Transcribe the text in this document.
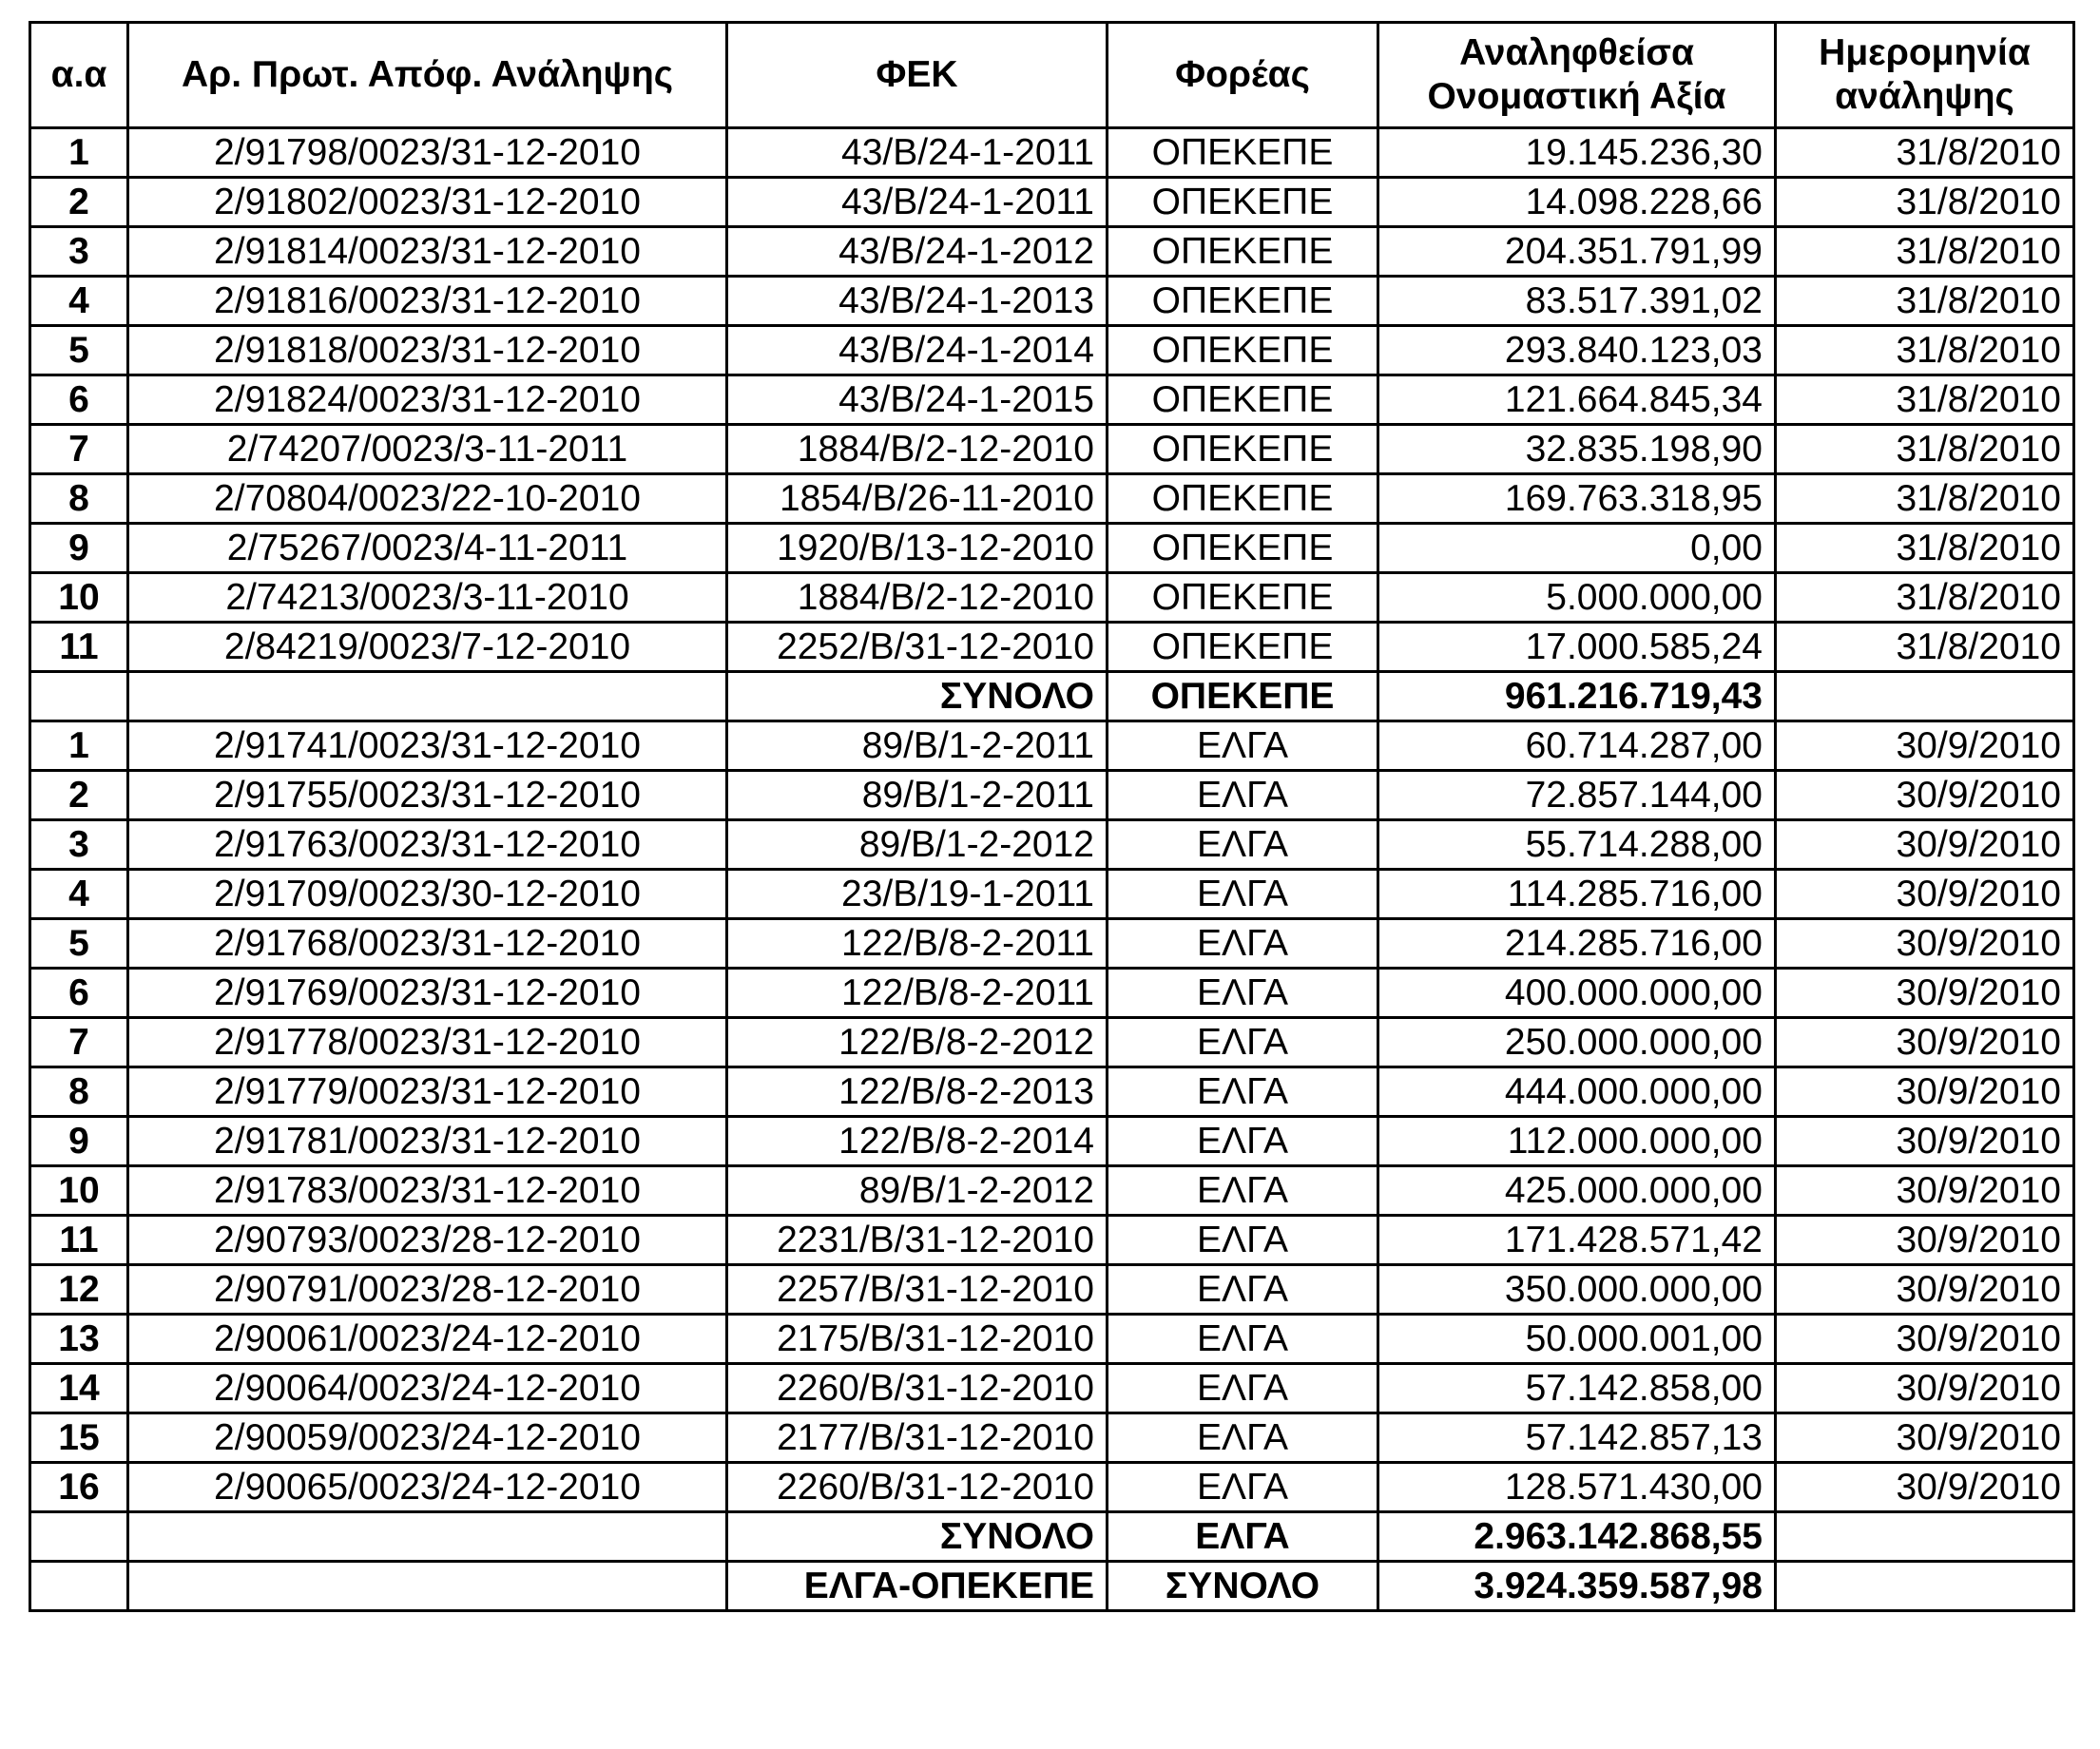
α.α	Αρ. Πρωτ. Απόφ. Ανάληψης	ΦΕΚ	Φορέας	Αναληφθείσα Ονομαστική Αξία	Ημερομηνία ανάληψης
1	2/91798/0023/31-12-2010	43/Β/24-1-2011	ΟΠΕΚΕΠΕ	19.145.236,30	31/8/2010
2	2/91802/0023/31-12-2010	43/Β/24-1-2011	ΟΠΕΚΕΠΕ	14.098.228,66	31/8/2010
3	2/91814/0023/31-12-2010	43/Β/24-1-2012	ΟΠΕΚΕΠΕ	204.351.791,99	31/8/2010
4	2/91816/0023/31-12-2010	43/Β/24-1-2013	ΟΠΕΚΕΠΕ	83.517.391,02	31/8/2010
5	2/91818/0023/31-12-2010	43/Β/24-1-2014	ΟΠΕΚΕΠΕ	293.840.123,03	31/8/2010
6	2/91824/0023/31-12-2010	43/Β/24-1-2015	ΟΠΕΚΕΠΕ	121.664.845,34	31/8/2010
7	2/74207/0023/3-11-2011	1884/Β/2-12-2010	ΟΠΕΚΕΠΕ	32.835.198,90	31/8/2010
8	2/70804/0023/22-10-2010	1854/Β/26-11-2010	ΟΠΕΚΕΠΕ	169.763.318,95	31/8/2010
9	2/75267/0023/4-11-2011	1920/Β/13-12-2010	ΟΠΕΚΕΠΕ	0,00	31/8/2010
10	2/74213/0023/3-11-2010	1884/Β/2-12-2010	ΟΠΕΚΕΠΕ	5.000.000,00	31/8/2010
11	2/84219/0023/7-12-2010	2252/Β/31-12-2010	ΟΠΕΚΕΠΕ	17.000.585,24	31/8/2010
		ΣΥΝΟΛΟ	ΟΠΕΚΕΠΕ	961.216.719,43	
1	2/91741/0023/31-12-2010	89/Β/1-2-2011	ΕΛΓΑ	60.714.287,00	30/9/2010
2	2/91755/0023/31-12-2010	89/Β/1-2-2011	ΕΛΓΑ	72.857.144,00	30/9/2010
3	2/91763/0023/31-12-2010	89/Β/1-2-2012	ΕΛΓΑ	55.714.288,00	30/9/2010
4	2/91709/0023/30-12-2010	23/Β/19-1-2011	ΕΛΓΑ	114.285.716,00	30/9/2010
5	2/91768/0023/31-12-2010	122/Β/8-2-2011	ΕΛΓΑ	214.285.716,00	30/9/2010
6	2/91769/0023/31-12-2010	122/Β/8-2-2011	ΕΛΓΑ	400.000.000,00	30/9/2010
7	2/91778/0023/31-12-2010	122/Β/8-2-2012	ΕΛΓΑ	250.000.000,00	30/9/2010
8	2/91779/0023/31-12-2010	122/Β/8-2-2013	ΕΛΓΑ	444.000.000,00	30/9/2010
9	2/91781/0023/31-12-2010	122/Β/8-2-2014	ΕΛΓΑ	112.000.000,00	30/9/2010
10	2/91783/0023/31-12-2010	89/Β/1-2-2012	ΕΛΓΑ	425.000.000,00	30/9/2010
11	2/90793/0023/28-12-2010	2231/Β/31-12-2010	ΕΛΓΑ	171.428.571,42	30/9/2010
12	2/90791/0023/28-12-2010	2257/Β/31-12-2010	ΕΛΓΑ	350.000.000,00	30/9/2010
13	2/90061/0023/24-12-2010	2175/Β/31-12-2010	ΕΛΓΑ	50.000.001,00	30/9/2010
14	2/90064/0023/24-12-2010	2260/Β/31-12-2010	ΕΛΓΑ	57.142.858,00	30/9/2010
15	2/90059/0023/24-12-2010	2177/Β/31-12-2010	ΕΛΓΑ	57.142.857,13	30/9/2010
16	2/90065/0023/24-12-2010	2260/Β/31-12-2010	ΕΛΓΑ	128.571.430,00	30/9/2010
		ΣΥΝΟΛΟ	ΕΛΓΑ	2.963.142.868,55	
		ΕΛΓΑ-ΟΠΕΚΕΠΕ	ΣΥΝΟΛΟ	3.924.359.587,98	
